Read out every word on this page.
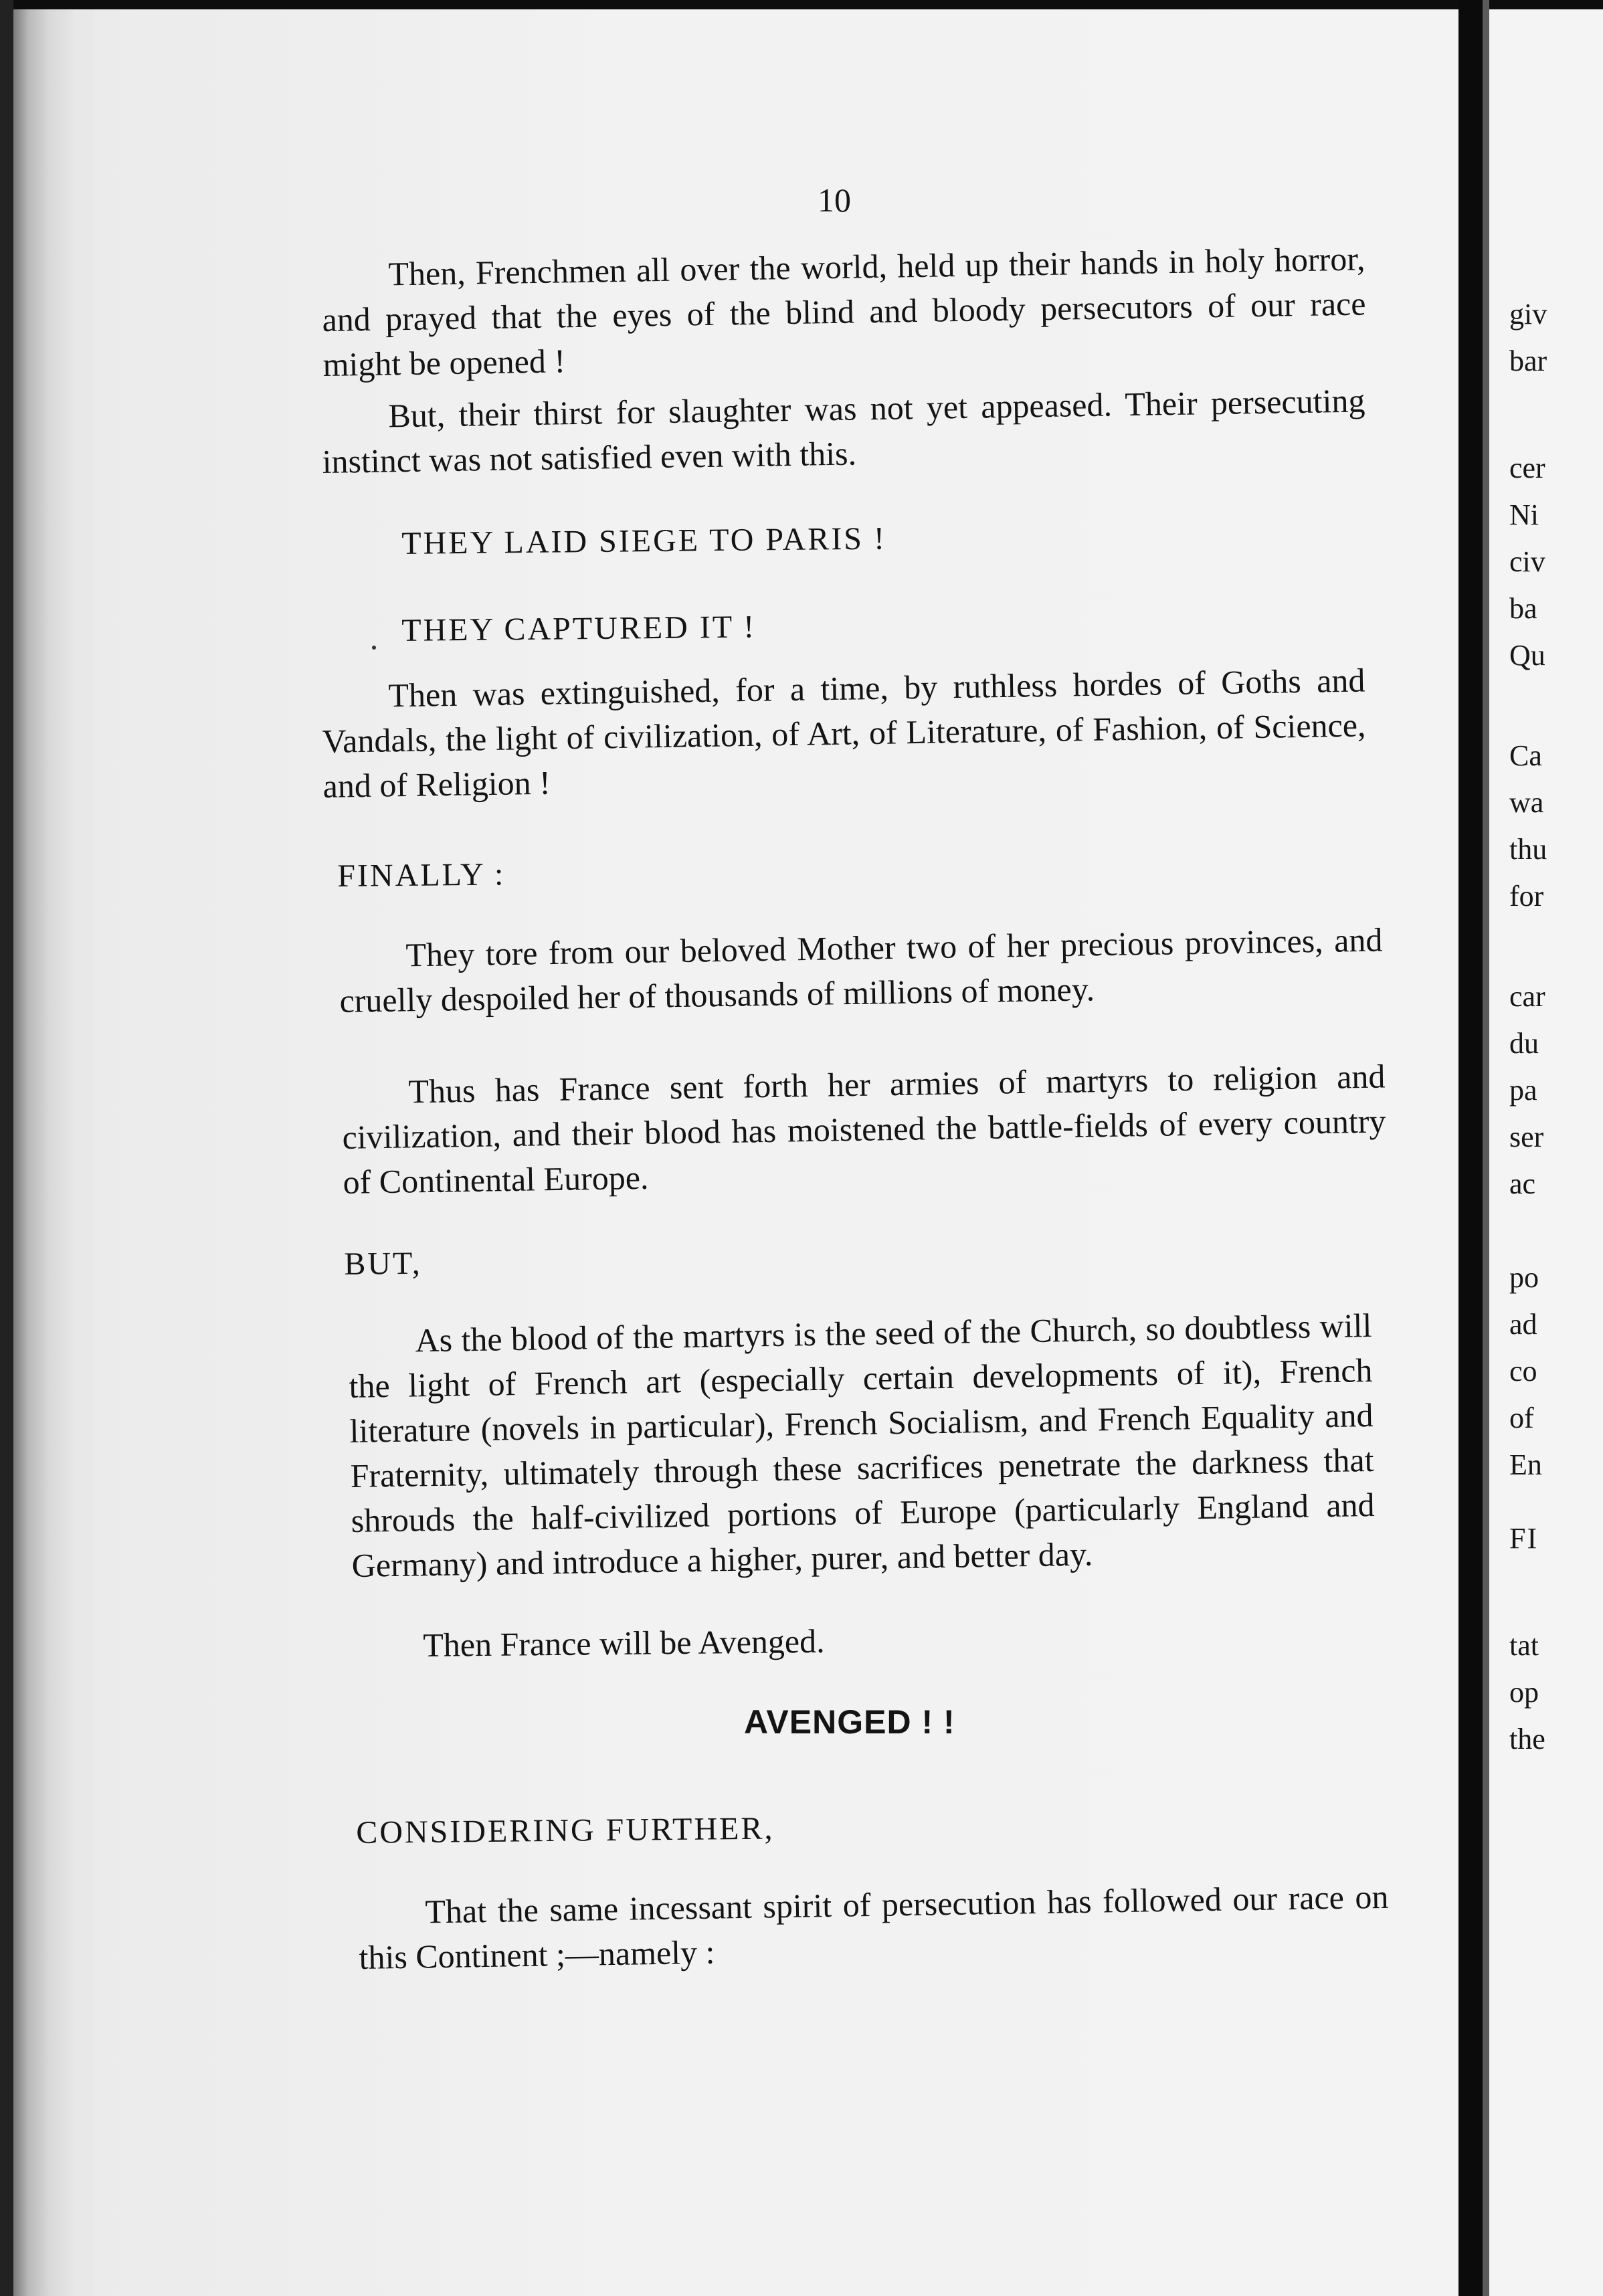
10

Then, Frenchmen all over the world, held up their hands in holy horror, and prayed that the eyes of the blind and bloody persecutors of our race might be opened !

But, their thirst for slaughter was not yet appeased. Their persecuting instinct was not satisfied even with this.

THEY LAID SIEGE TO PARIS !

THEY CAPTURED IT !

Then was extinguished, for a time, by ruthless hordes of Goths and Vandals, the light of civilization, of Art, of Literature, of Fashion, of Science, and of Religion !

FINALLY :

They tore from our beloved Mother two of her precious provinces, and cruelly despoiled her of thousands of millions of money.

Thus has France sent forth her armies of martyrs to religion and civilization, and their blood has moistened the battle-fields of every country of Continental Europe.

BUT,

As the blood of the martyrs is the seed of the Church, so doubtless will the light of French art (especially certain developments of it), French literature (novels in particular), French Socialism, and French Equality and Fraternity, ultimately through these sacrifices penetrate the darkness that shrouds the half-civilized portions of Europe (particularly England and Germany) and introduce a higher, purer, and better day.

Then France will be Avenged.

AVENGED ! !

CONSIDERING FURTHER,

That the same incessant spirit of persecution has followed our race on this Continent ;—namely :

giv

bar

cer

Ni

civ

ba

Qu

Ca

wa

thu

for

car

du

pa

ser

ac

po

ad

co

of

En

FI

tat

op

the
